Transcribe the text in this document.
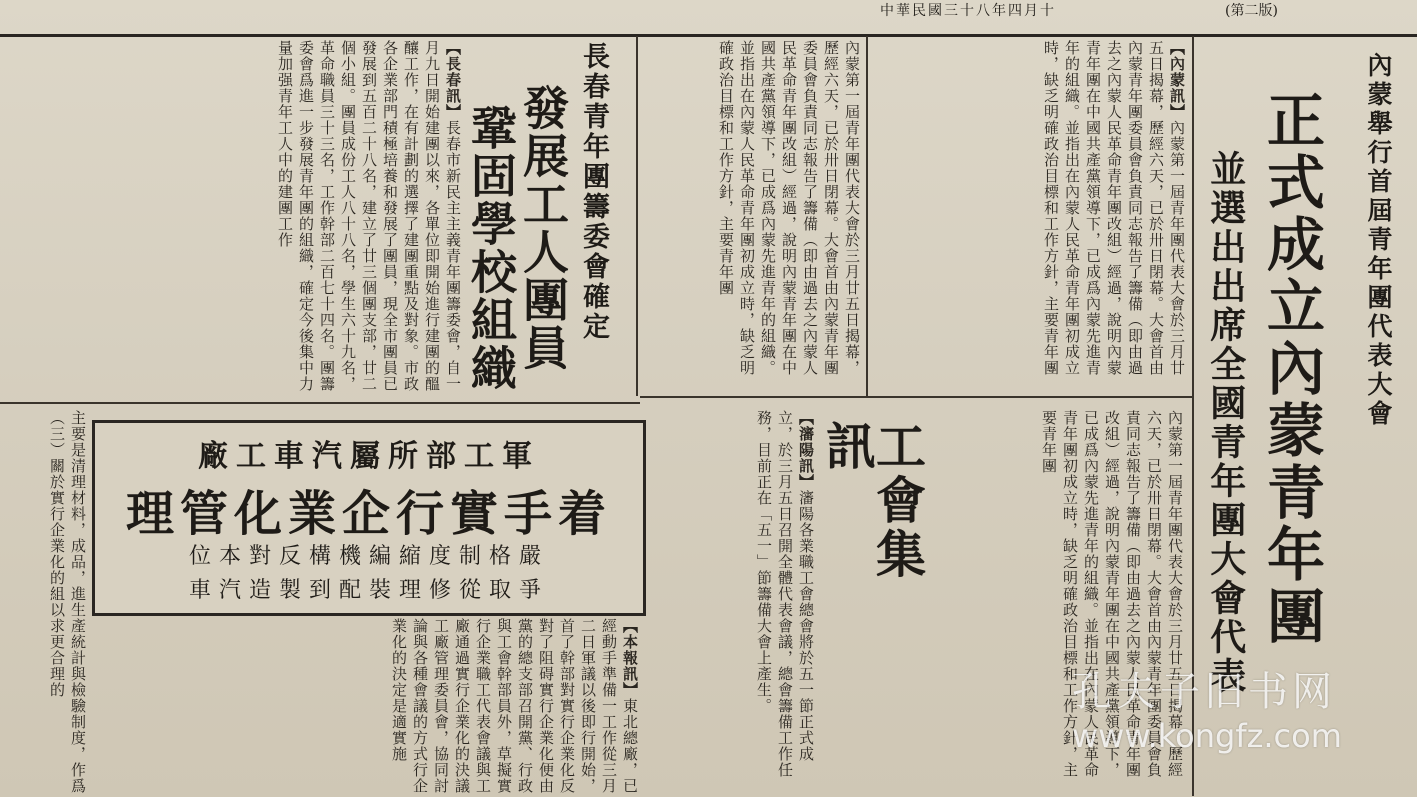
中華民國三十八年四月十	(第二版)
內蒙舉行首屆青年團代表大會
正式成立內蒙青年團
並選出出席全國青年團大會代表
【內蒙訊】內蒙第一屆青年團代表大會於三月廿五日揭幕，歷經六天，已於卅日閉幕。大會首由內蒙青年團委員會負責同志報告了籌備（即由過去之內蒙人民革命青年團改組）經過，說明內蒙青年團在中國共產黨領導下，已成爲內蒙先進青年的組織。並指出在內蒙人民革命青年團初成立時，缺乏明確政治目標和工作方針，主要青年團
長春青年團籌委會確定
發展工人團員
鞏固學校組織	內蒙第一屆青年團代表大會於三月廿五日揭幕，歷經六天，已於卅日閉幕。大會首由內蒙青年團委員會負責同志報告了籌備（即由過去之內蒙人民革命青年團改組）經過，說明內蒙青年團在中國共產黨領導下，已成爲內蒙先進青年的組織。並指出在內蒙人民革命青年團初成立時，缺乏明確政治目標和工作方針，主要青年團
【長春訊】長春市新民主主義青年團籌委會，自一月九日開始建團以來，各單位即開始進行建團的醞釀工作，在有計劃的選擇了建團重點及對象。市政各企業部門積極培養和發展了團員，現全市團員已發展到五百二十八名，建立了廿三個團支部，廿二個小組。團員成份工人八十八名，學生六十九名，革命職員三十三名，工作幹部二百七十四名。團籌委會爲進一步發展青年團的組織，確定今後集中力量加强青年工人中的建團工作
工會集訊
【瀋陽訊】瀋陽各業職工會總會將於五一節正式成立，於三月五日召開全體代表會議，總會籌備工作任務，目前正在「五一」節籌備大會上產生。	內蒙第一屆青年團代表大會於三月廿五日揭幕，歷經六天，已於卅日閉幕。大會首由內蒙青年團委員會負責同志報告了籌備（即由過去之內蒙人民革命青年團改組）經過，說明內蒙青年團在中國共產黨領導下，已成爲內蒙先進青年的組織。並指出在內蒙人民革命青年團初成立時，缺乏明確政治目標和工作方針，主要青年團
廠工車汽屬所部工軍
理管化業企行實手着
位本對反構機編縮度制格嚴
車汽造製到配裝理修從取爭
【本報訊】東北總廠，已經動手準備一工作從三月二日軍議以後即行開始，首了幹部對實行企業化反對了阻碍實行企業化便由黨的總支部召開黨、行政與工會幹部員外，草擬實行企業職工代表會議與工廠通過實行企業化的決議工廠管理委員會，協同討論與各種會議的方式行企業化的決定是適實施
主要是清理材料，成品，進生產統計與檢驗制度，作爲（三）關於實行企業化的組以求更合理的	孔夫子旧书网
www.kongfz.com
